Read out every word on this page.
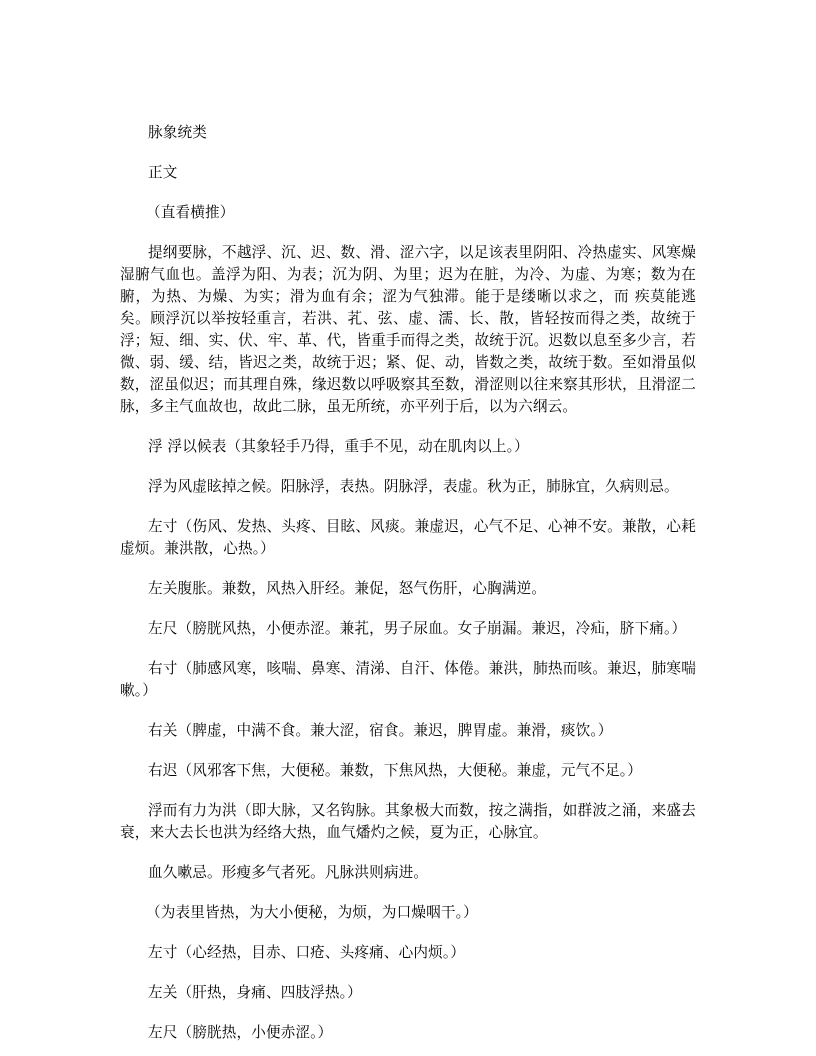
脉象统类

正文

（直看横推）

提纲要脉，不越浮、沉、迟、数、滑、涩六字，以足该表里阴阳、冷热虚实、风寒燥湿腑气血也。盖浮为阳、为表；沉为阴、为里；迟为在脏，为冷、为虚、为寒；数为在腑，为热、为燥、为实；滑为血有余；涩为气独滞。能于是缕晰以求之，而 疾莫能逃矣。顾浮沉以举按轻重言，若洪、芤、弦、虚、濡、长、散，皆轻按而得之类，故统于浮；短、细、实、伏、牢、革、代，皆重手而得之类，故统于沉。迟数以息至多少言，若微、弱、缓、结，皆迟之类，故统于迟；紧、促、动，皆数之类，故统于数。至如滑虽似数，涩虽似迟；而其理自殊，缘迟数以呼吸察其至数，滑涩则以往来察其形状，且滑涩二脉，多主气血故也，故此二脉，虽无所统，亦平列于后，以为六纲云。

浮 浮以候表（其象轻手乃得，重手不见，动在肌肉以上。）

浮为风虚眩掉之候。阳脉浮，表热。阴脉浮，表虚。秋为正，肺脉宜，久病则忌。

左寸（伤风、发热、头疼、目眩、风痰。兼虚迟，心气不足、心神不安。兼散，心耗虚烦。兼洪散，心热。）

左关腹胀。兼数，风热入肝经。兼促，怒气伤肝，心胸满逆。

左尺（膀胱风热，小便赤涩。兼芤，男子尿血。女子崩漏。兼迟，冷疝，脐下痛。）

右寸（肺感风寒，咳喘、鼻寒、清涕、自汗、体倦。兼洪，肺热而咳。兼迟，肺寒喘嗽。）

右关（脾虚，中满不食。兼大涩，宿食。兼迟，脾胃虚。兼滑，痰饮。）

右迟（风邪客下焦，大便秘。兼数，下焦风热，大便秘。兼虚，元气不足。）

浮而有力为洪（即大脉，又名钩脉。其象极大而数，按之满指，如群波之涌，来盛去衰，来大去长也洪为经络大热，血气燔灼之候，夏为正，心脉宜。

血久嗽忌。形瘦多气者死。凡脉洪则病进。

（为表里皆热，为大小便秘，为烦，为口燥咽干。）

左寸（心经热，目赤、口疮、头疼痛、心内烦。）

左关（肝热，身痛、四肢浮热。）

左尺（膀胱热，小便赤涩。）
